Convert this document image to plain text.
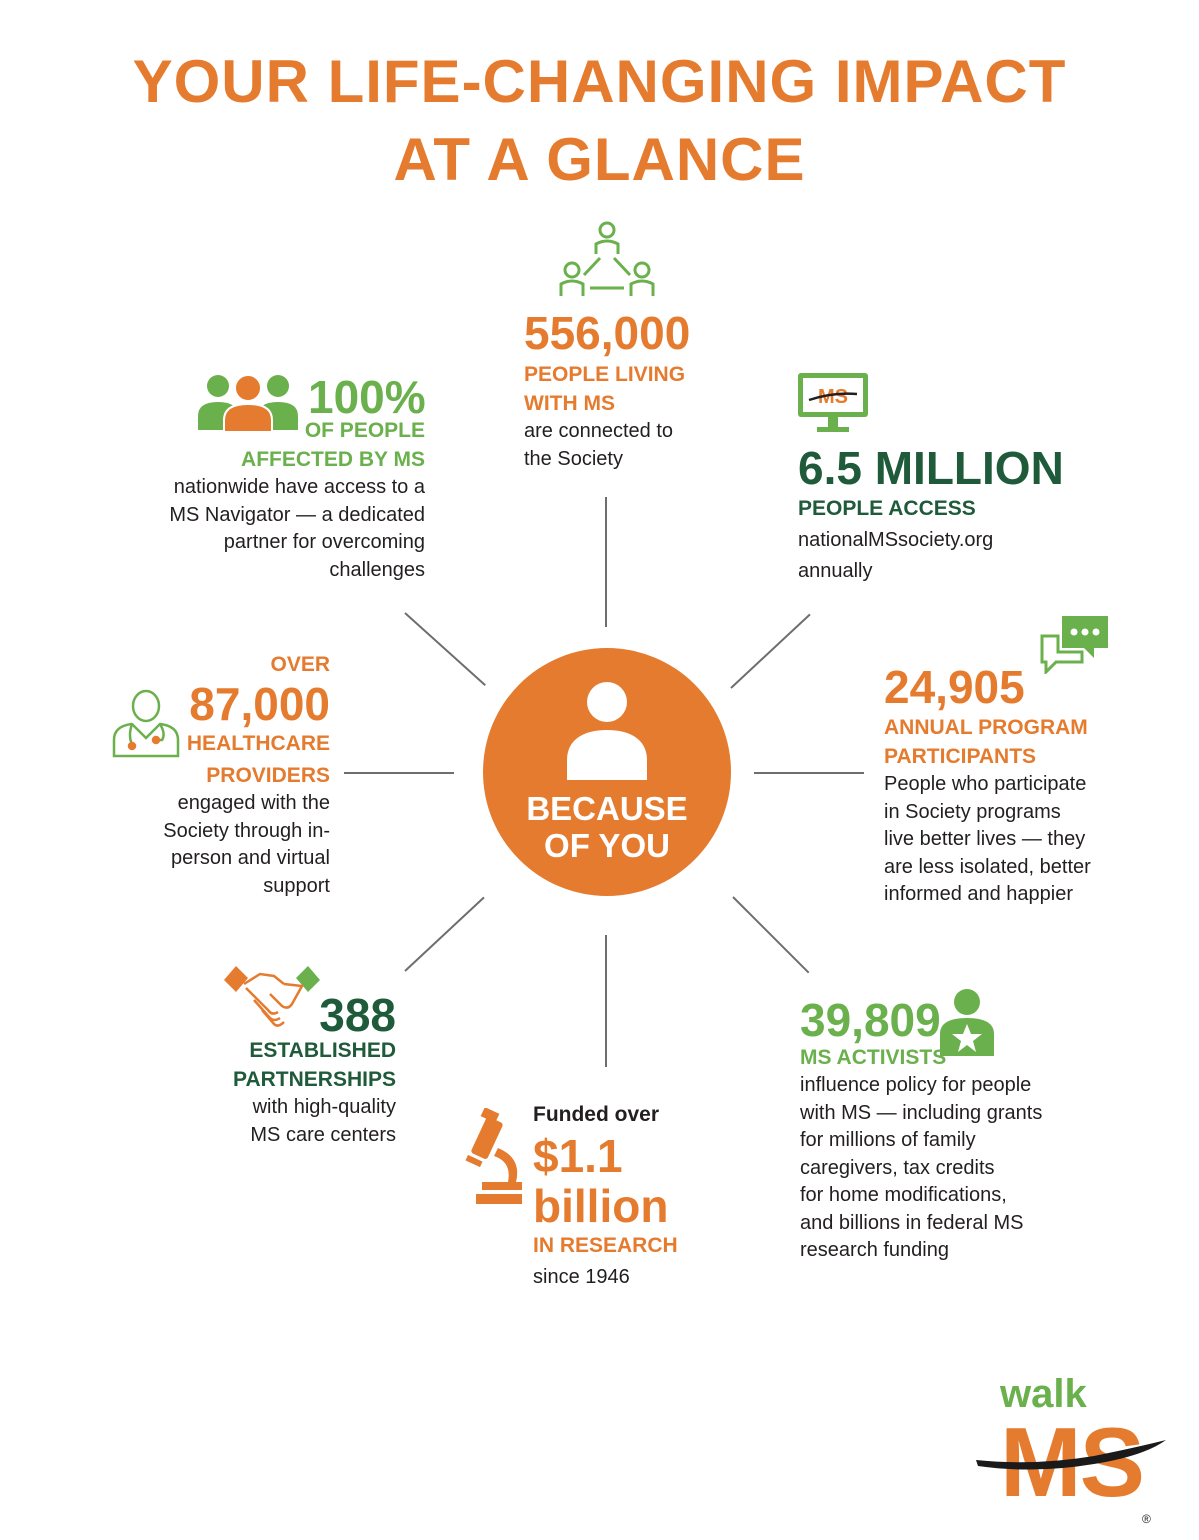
YOUR LIFE-CHANGING IMPACT
AT A GLANCE
BECAUSE
OF YOU
556,000
PEOPLE LIVING
WITH MS
are connected to
the Society
100%
OF PEOPLE
AFFECTED BY MS
nationwide have access to a
MS Navigator — a dedicated
partner for overcoming
challenges
MS
6.5 MILLION
PEOPLE ACCESS
nationalMSsociety.org
annually
OVER
87,000
HEALTHCARE
PROVIDERS
engaged with the
Society through in-
person and virtual
support
24,905
ANNUAL PROGRAM
PARTICIPANTS
People who participate
in Society programs
live better lives — they
are less isolated, better
informed and happier
388
ESTABLISHED
PARTNERSHIPS
with high-quality
MS care centers
Funded over
$1.1
billion
IN RESEARCH
since 1946
39,809
MS ACTIVISTS
influence policy for people
with MS — including grants
for millions of family
caregivers, tax credits
for home modifications,
and billions in federal MS
research funding
walk
MS
®
